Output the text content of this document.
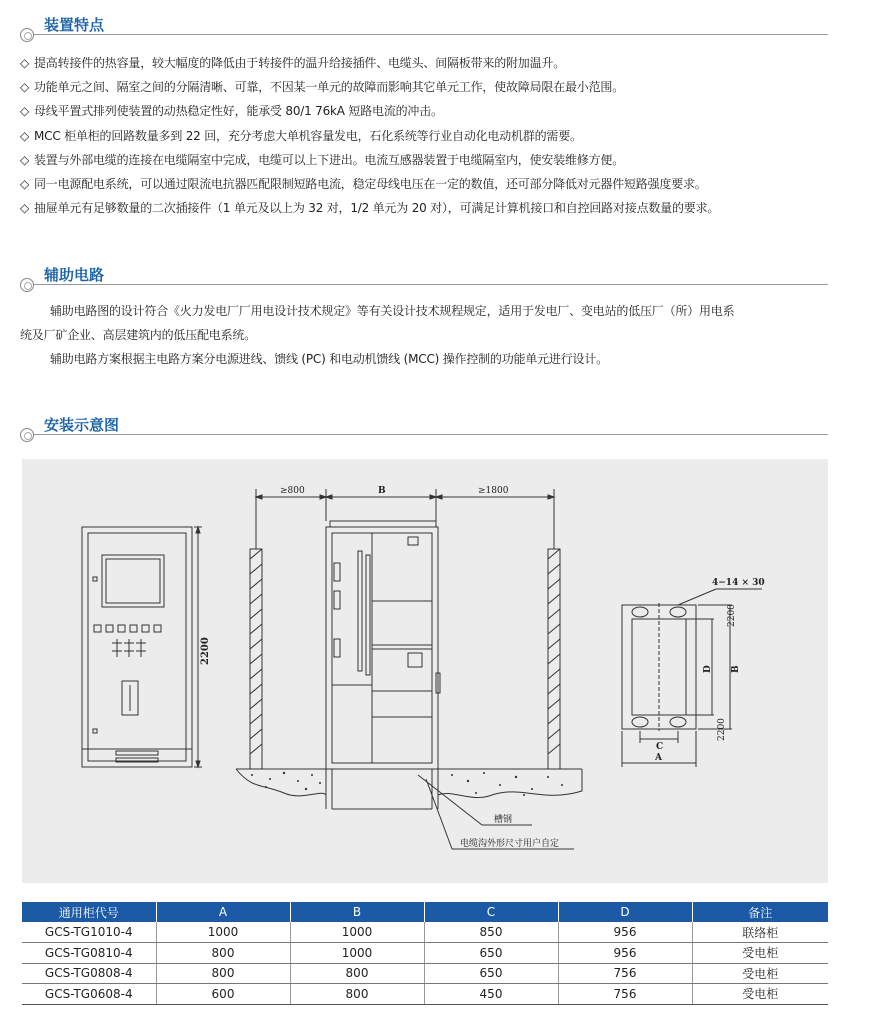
装置特点
◇ 提高转接件的热容量，较大幅度的降低由于转接件的温升给接插件、电缆头、间隔板带来的附加温升。
◇ 功能单元之间、隔室之间的分隔清晰、可靠，不因某一单元的故障而影响其它单元工作，使故障局限在最小范围。
◇ 母线平置式排列使装置的动热稳定性好，能承受 80/1 76kA 短路电流的冲击。
◇ MCC 柜单柜的回路数量多到 22 回，充分考虑大单机容量发电，石化系统等行业自动化电动机群的需要。
◇ 装置与外部电缆的连接在电缆隔室中完成，电缆可以上下进出。电流互感器装置于电缆隔室内，使安装维修方便。
◇ 同一电源配电系统，可以通过限流电抗器匹配限制短路电流，稳定母线电压在一定的数值，还可部分降低对元器件短路强度要求。
◇ 抽屉单元有足够数量的二次插接件（1 单元及以上为 32 对，1/2 单元为 20 对），可满足计算机接口和自控回路对接点数量的要求。
辅助电路
辅助电路图的设计符合《火力发电厂厂用电设计技术规定》等有关设计技术规程规定，适用于发电厂、变电站的低压厂（所）用电系
统及厂矿企业、高层建筑内的低压配电系统。
辅助电路方案根据主电路方案分电源进线、馈线 (PC) 和电动机馈线 (MCC) 操作控制的功能单元进行设计。
安装示意图
2200
≥800	B	≥1800
槽钢
电缆沟外形尺寸用户自定
4−14 × 30
2200
2200
D B
C
A
通用柜代号	A	B	C	D	备注
GCS-TG1010-4	1000	1000	850	956	联络柜
GCS-TG0810-4	800	1000	650	956	受电柜
GCS-TG0808-4	800	800	650	756	受电柜
GCS-TG0608-4	600	800	450	756	受电柜
